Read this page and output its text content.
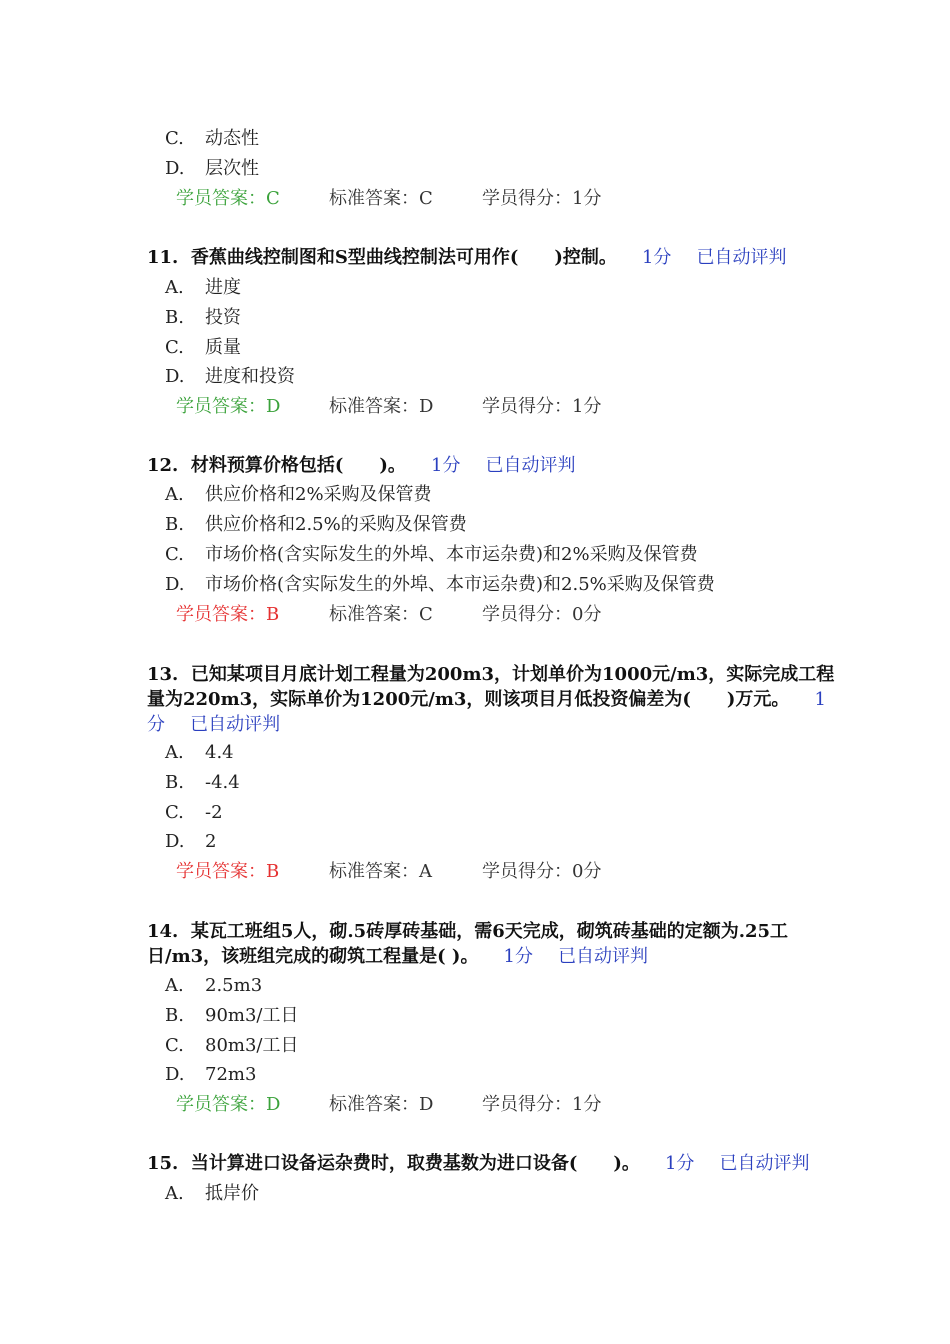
C. 动态性
D. 层次性
学员答案：C	标准答案：C	学员得分：1分
11. 香蕉曲线控制图和S型曲线控制法可用作(　　)控制。 1分 已自动评判
A. 进度
B. 投资
C. 质量
D. 进度和投资
学员答案：D	标准答案：D	学员得分：1分
12. 材料预算价格包括(　　)。 1分 已自动评判
A. 供应价格和2%采购及保管费
B. 供应价格和2.5%的采购及保管费
C. 市场价格(含实际发生的外埠、本市运杂费)和2%采购及保管费
D. 市场价格(含实际发生的外埠、本市运杂费)和2.5%采购及保管费
学员答案：B	标准答案：C	学员得分：0分
13. 已知某项目月底计划工程量为200m3，计划单价为1000元/m3，实际完成工程量为220m3，实际单价为1200元/m3，则该项目月低投资偏差为(　　)万元。 1分 已自动评判
A. 4.4
B. -4.4
C. -2
D. 2
学员答案：B	标准答案：A	学员得分：0分
14. 某瓦工班组5人，砌.5砖厚砖基础，需6天完成，砌筑砖基础的定额为.25工日/m3，该班组完成的砌筑工程量是( )。 1分 已自动评判
A. 2.5m3
B. 90m3/工日
C. 80m3/工日
D. 72m3
学员答案：D	标准答案：D	学员得分：1分
15. 当计算进口设备运杂费时，取费基数为进口设备(　　)。 1分 已自动评判
A. 抵岸价
